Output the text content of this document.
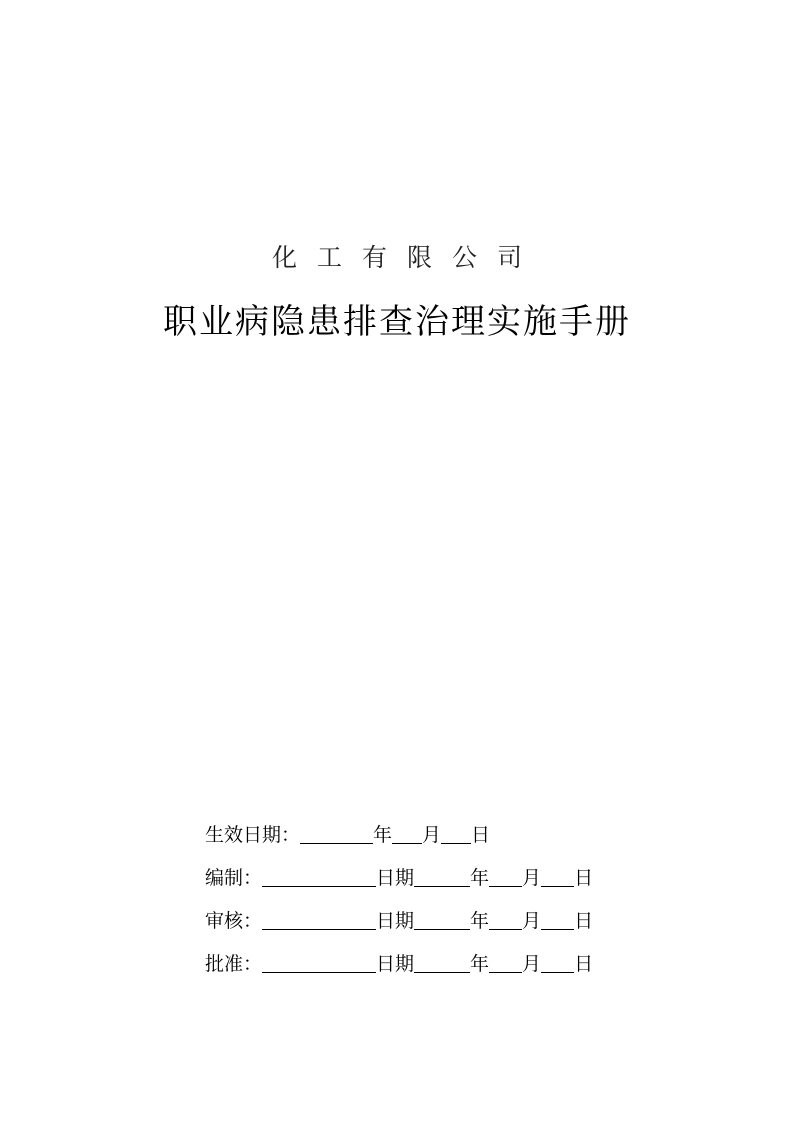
化工有限公司
职业病隐患排查治理实施手册
生效日期：	年 月 日
编制：	日期	年 月 日
审核：	日期	年 月 日
批准：	日期	年 月 日
